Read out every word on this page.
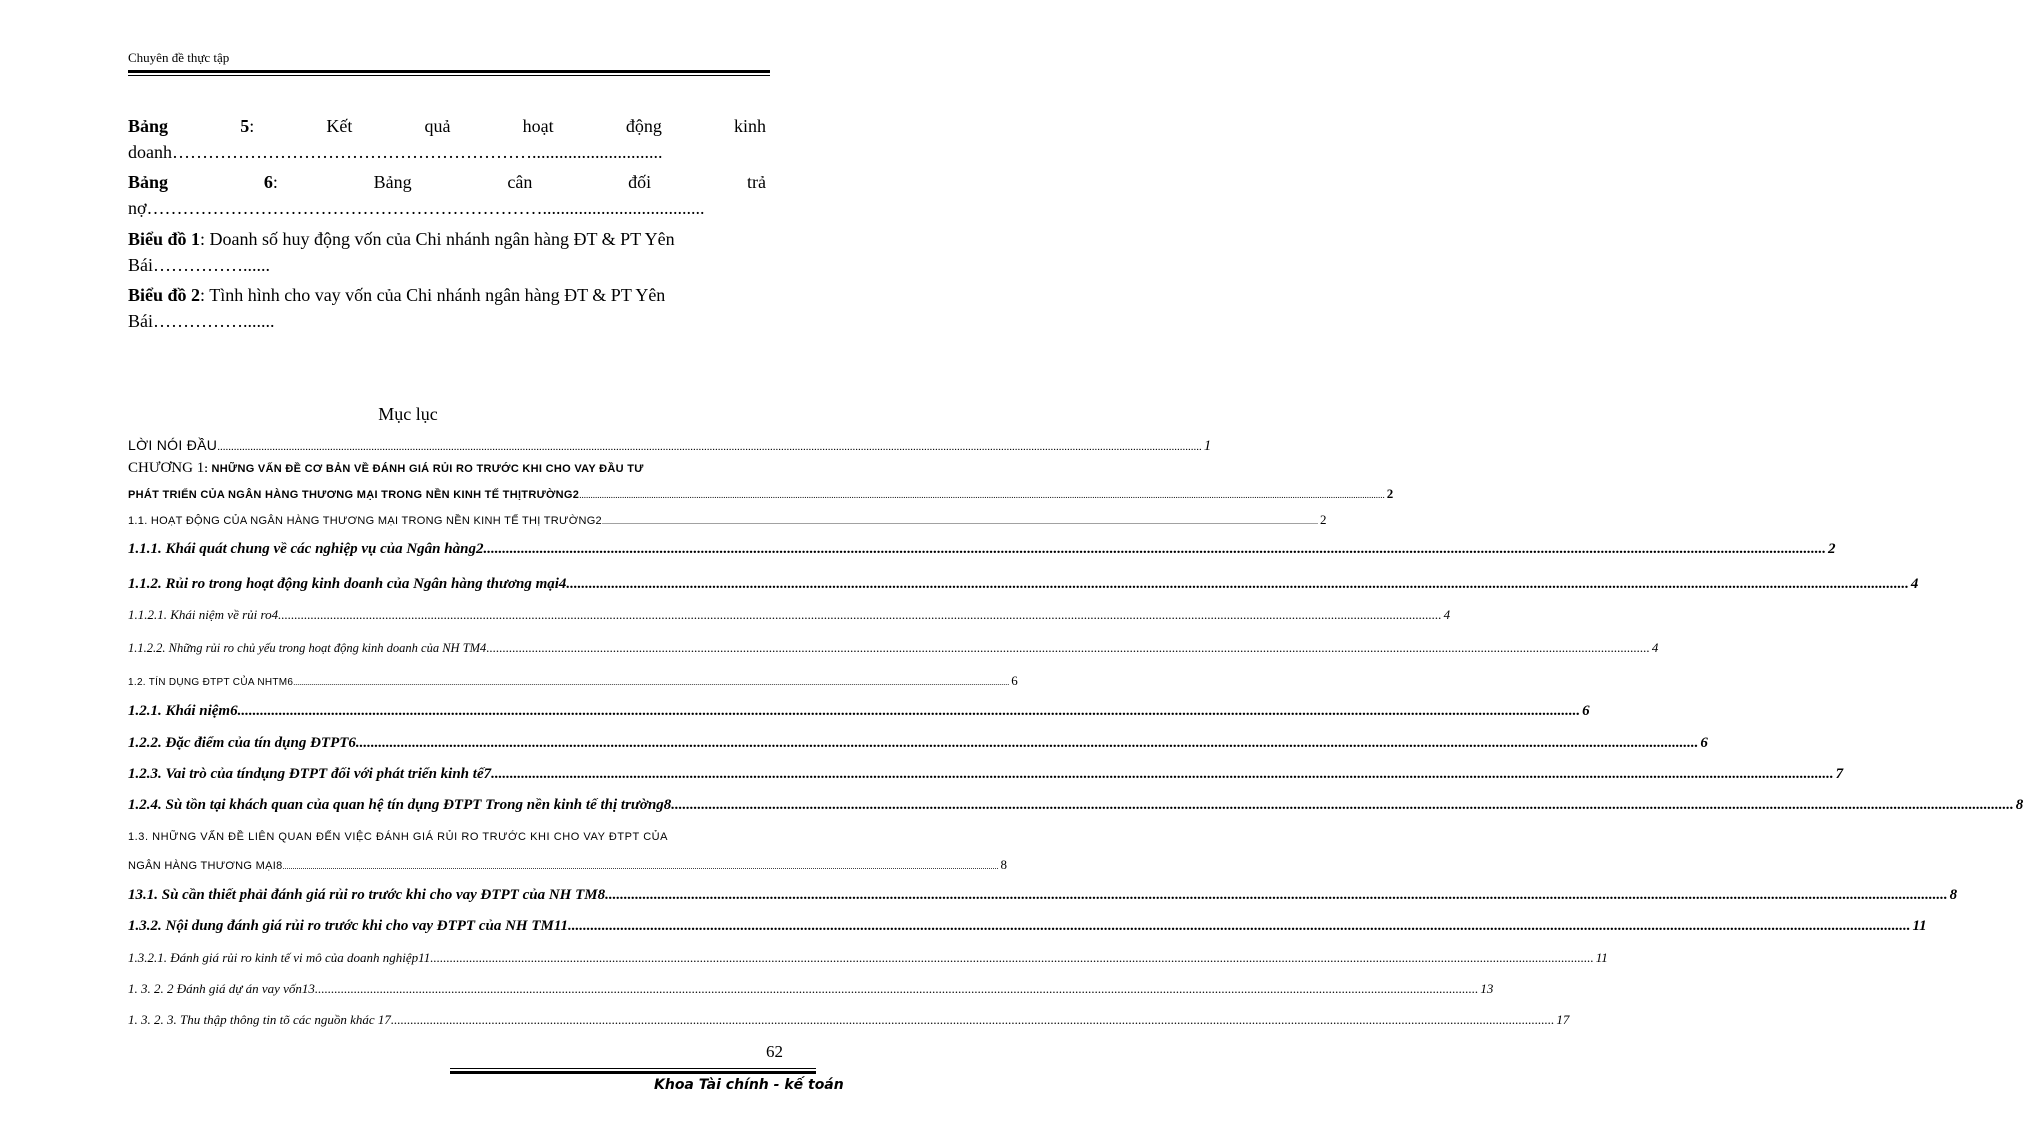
Chuyên đề thực tập
Bảng	5:	Kết	quả	hoạt	động	kinh
doanh…………………………………………………….............................
Bảng	6:	Bảng	cân	đối	trả
nợ…………………………………………………………....................................
Biểu đồ 1: Doanh số huy động vốn của Chi nhánh ngân hàng ĐT & PT Yên
Bái……………......
Biểu đồ 2: Tình hình cho vay vốn của Chi nhánh ngân hàng ĐT & PT Yên
Bái…………….......
Mục lục
LỜI NÓI ĐẦU .....	1
CHƯƠNG 1: NHỮNG VẤN ĐỀ CƠ BẢN VỀ ĐÁNH GIÁ RỦI RO TRƯỚC KHI CHO VAY ĐẦU TƯ
PHÁT TRIỂN CỦA NGÂN HÀNG THƯƠNG MẠI TRONG NỀN KINH TẾ THỊTRƯỜNG2 .....	2
1.1. HOẠT ĐỘNG CỦA NGÂN HÀNG THƯƠNG MẠI TRONG NỀN KINH TẾ THỊ TRƯỜNG2 .....	2
1.1.1. Khái quát chung về các nghiệp vụ của Ngân hàng2 .....	2
1.1.2. Rủi ro trong hoạt động kinh doanh của Ngân hàng thương mại4 .....	4
1.1.2.1. Khái niệm về rủi ro4 .....	4
1.1.2.2. Những rủi ro chủ yếu trong hoạt động kinh doanh của NH TM4 .....	4
1.2. TÍN DỤNG ĐTPT CỦA NHTM6 .....	6
1.2.1. Khái niệm6 .....	6
1.2.2. Đặc điểm của tín dụng ĐTPT6 .....	6
1.2.3. Vai trò của tíndụng ĐTPT đối với phát triển kinh tế7 .....	7
1.2.4. Sù tồn tại khách quan của quan hệ tín dụng ĐTPT Trong nền kinh tế thị trường8 .....	8
1.3. NHỮNG VẤN ĐỀ LIÊN QUAN ĐẾN VIỆC ĐÁNH GIÁ RỦI RO TRƯỚC KHI CHO VAY ĐTPT CỦA
NGÂN HÀNG THƯƠNG MẠI8 .....	8
13.1. Sù cần thiết phải đánh giá rủi ro trước khi cho vay ĐTPT của NH TM8 .....	8
1.3.2. Nội dung đánh giá rủi ro trước khi cho vay ĐTPT của NH TM11 .....	11
1.3.2.1. Đánh giá rủi ro kinh tế vi mô của doanh nghiệp11 .....	11
1. 3. 2. 2 Đánh giá dự án vay vốn13 .....	13
1. 3. 2. 3. Thu thập thông tin tõ các nguồn khác 17 .....	17
62
Khoa Tài chính - kế toán
